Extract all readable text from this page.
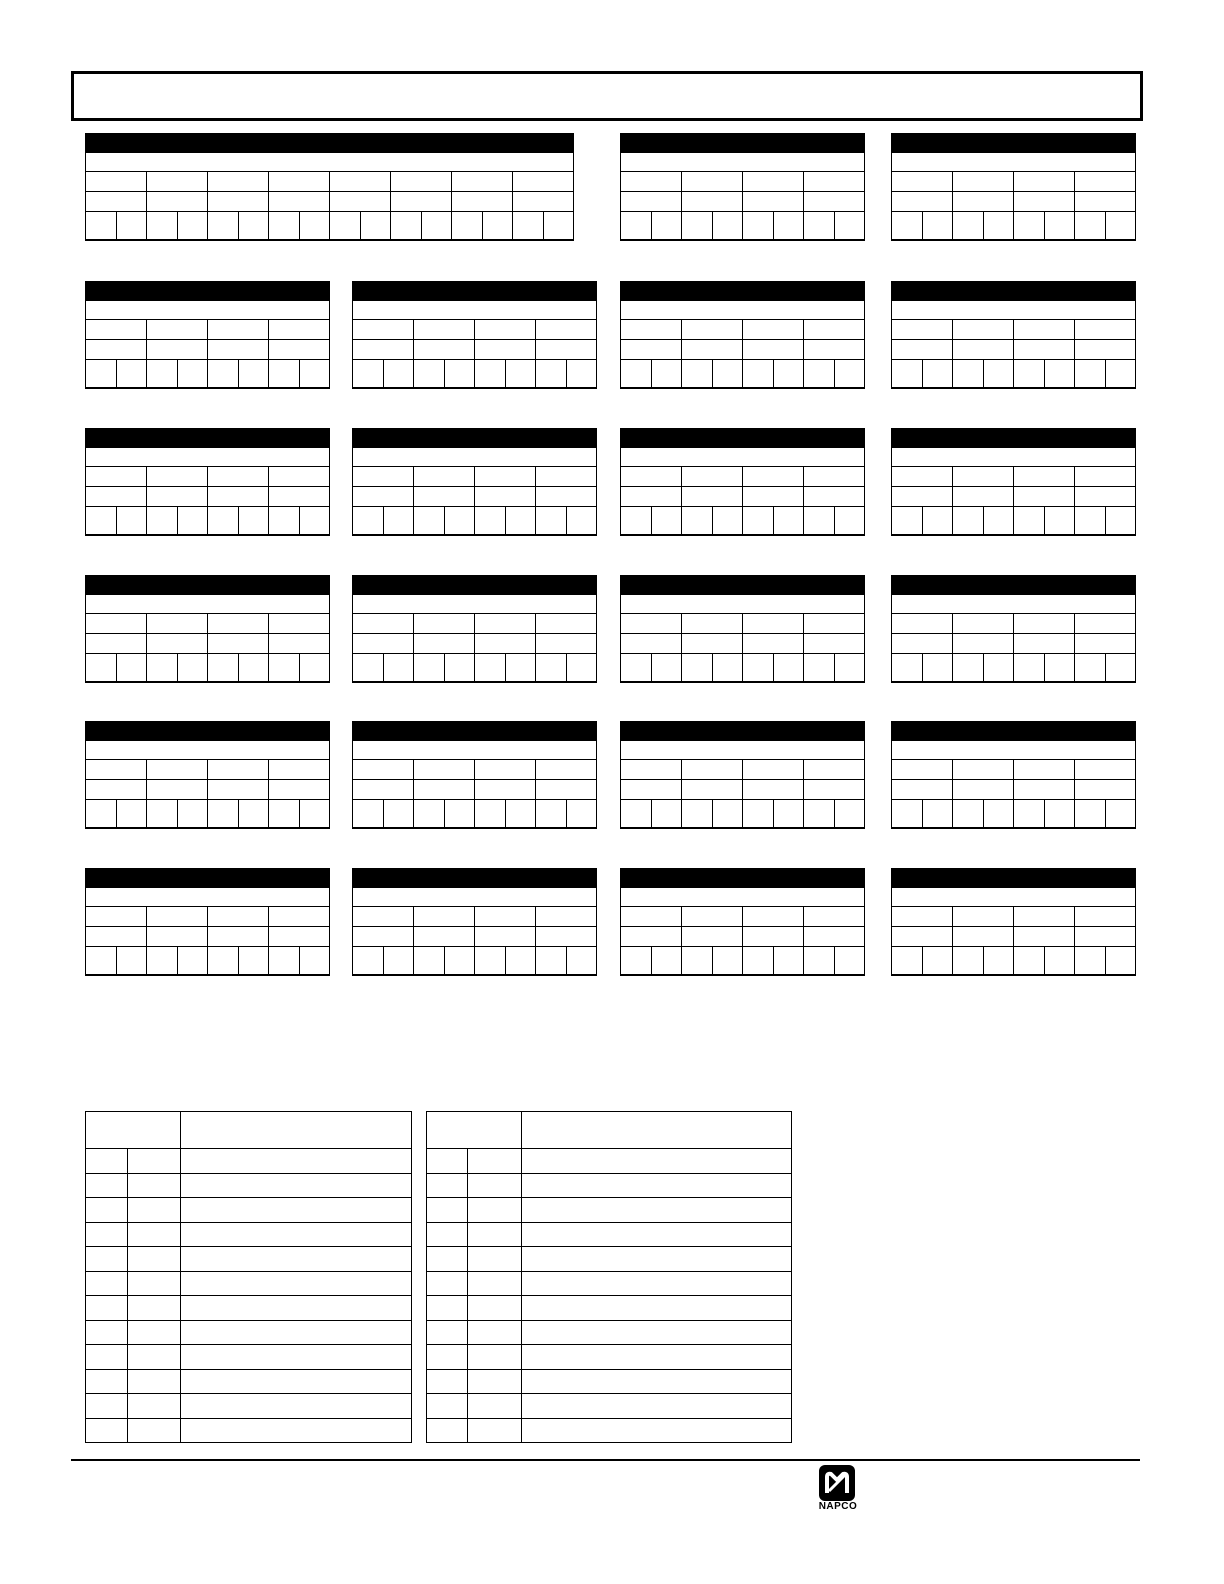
NAPCO
